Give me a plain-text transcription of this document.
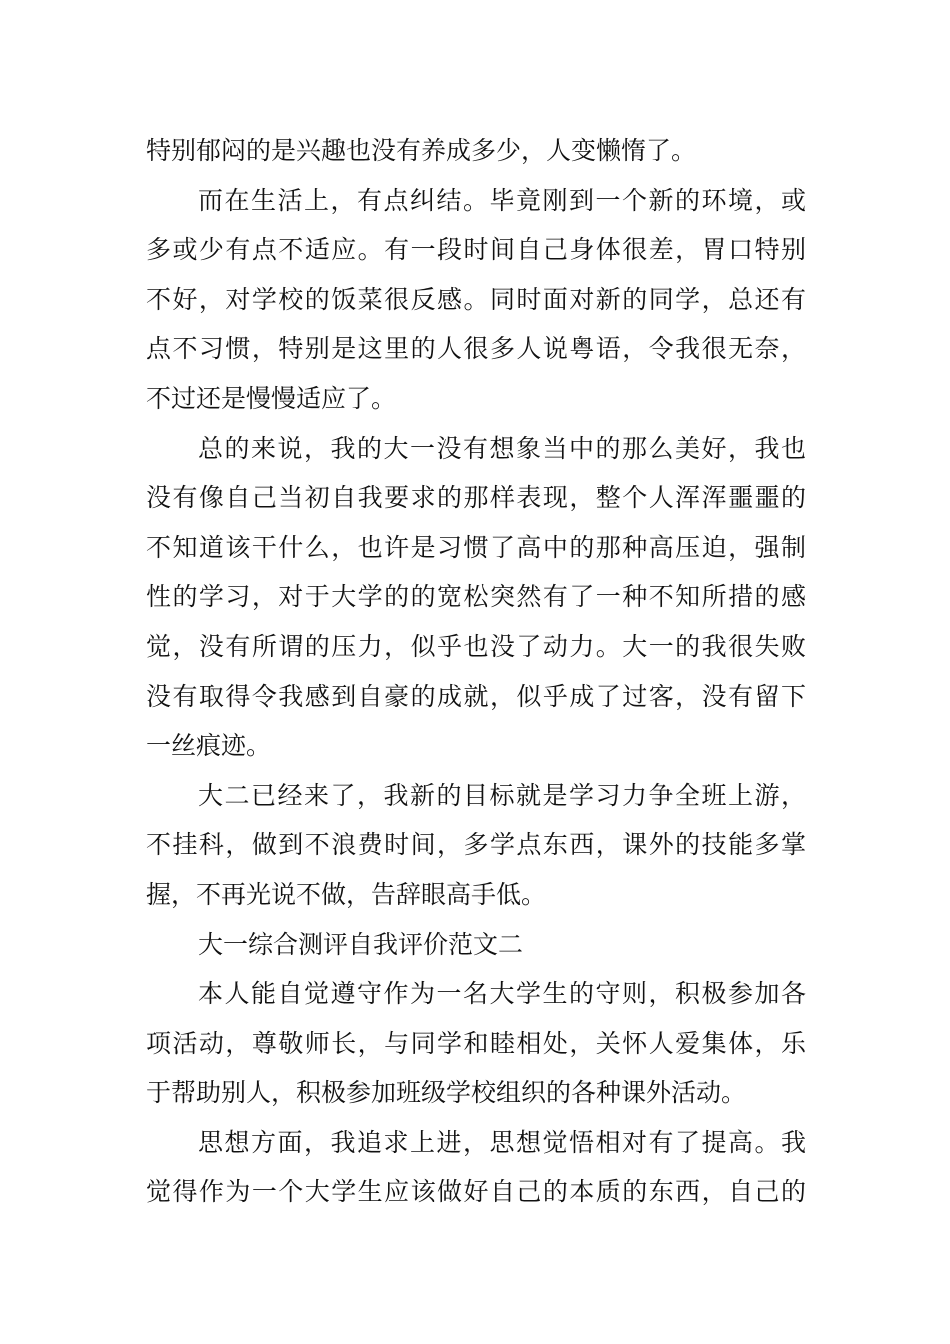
特别郁闷的是兴趣也没有养成多少，人变懒惰了。

而在生活上，有点纠结。毕竟刚到一个新的环境，或
多或少有点不适应。有一段时间自己身体很差，胃口特别
不好，对学校的饭菜很反感。同时面对新的同学，总还有
点不习惯，特别是这里的人很多人说粤语，令我很无奈，
不过还是慢慢适应了。

总的来说，我的大一没有想象当中的那么美好，我也
没有像自己当初自我要求的那样表现，整个人浑浑噩噩的
不知道该干什么，也许是习惯了高中的那种高压迫，强制
性的学习，对于大学的的宽松突然有了一种不知所措的感
觉，没有所谓的压力，似乎也没了动力。大一的我很失败
没有取得令我感到自豪的成就，似乎成了过客，没有留下
一丝痕迹。

大二已经来了，我新的目标就是学习力争全班上游，
不挂科，做到不浪费时间，多学点东西，课外的技能多掌
握，不再光说不做，告辞眼高手低。

大一综合测评自我评价范文二

本人能自觉遵守作为一名大学生的守则，积极参加各
项活动，尊敬师长，与同学和睦相处，关怀人爱集体，乐
于帮助别人，积极参加班级学校组织的各种课外活动。

思想方面，我追求上进，思想觉悟相对有了提高。我
觉得作为一个大学生应该做好自己的本质的东西，自己的
